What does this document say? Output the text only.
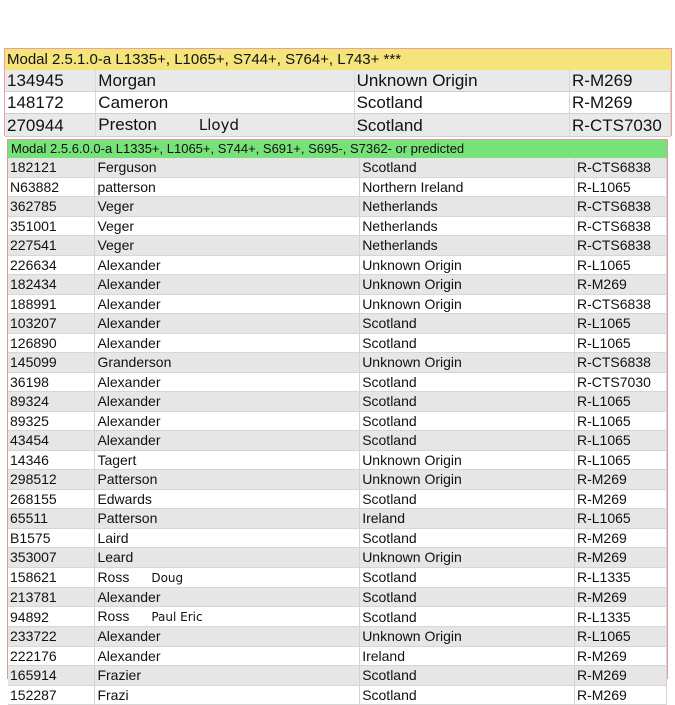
Modal 2.5.1.0-a L1335+, L1065+, S744+, S764+, L743+ ***
134945	Morgan	Unknown Origin	R-M269
148172	Cameron	Scotland	R-M269
270944	Preston Lloyd	Scotland	R-CTS7030
Modal 2.5.6.0.0-a L1335+, L1065+, S744+, S691+, S695-, S7362- or predicted
182121	Ferguson	Scotland	R-CTS6838
N63882	patterson	Northern Ireland	R-L1065
362785	Veger	Netherlands	R-CTS6838
351001	Veger	Netherlands	R-CTS6838
227541	Veger	Netherlands	R-CTS6838
226634	Alexander	Unknown Origin	R-L1065
182434	Alexander	Unknown Origin	R-M269
188991	Alexander	Unknown Origin	R-CTS6838
103207	Alexander	Scotland	R-L1065
126890	Alexander	Scotland	R-L1065
145099	Granderson	Unknown Origin	R-CTS6838
36198	Alexander	Scotland	R-CTS7030
89324	Alexander	Scotland	R-L1065
89325	Alexander	Scotland	R-L1065
43454	Alexander	Scotland	R-L1065
14346	Tagert	Unknown Origin	R-L1065
298512	Patterson	Unknown Origin	R-M269
268155	Edwards	Scotland	R-M269
65511	Patterson	Ireland	R-L1065
B1575	Laird	Scotland	R-M269
353007	Leard	Unknown Origin	R-M269
158621	Ross Doug	Scotland	R-L1335
213781	Alexander	Scotland	R-M269
94892	Ross Paul Eric	Scotland	R-L1335
233722	Alexander	Unknown Origin	R-L1065
222176	Alexander	Ireland	R-M269
165914	Frazier	Scotland	R-M269
152287	Frazi	Scotland	R-M269
